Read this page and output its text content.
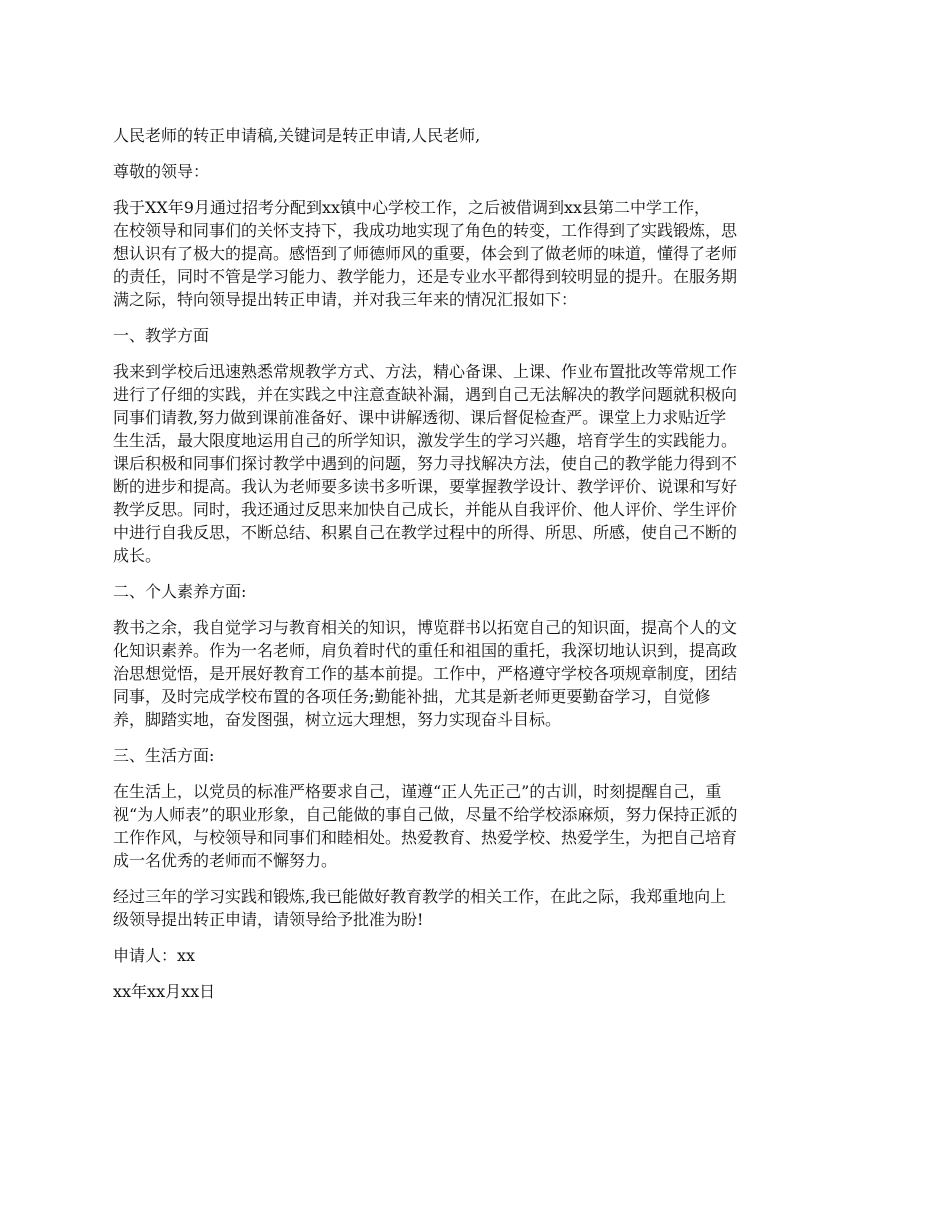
人民老师的转正申请稿,关键词是转正申请,人民老师,

尊敬的领导：

我于XX年9月通过招考分配到xx镇中心学校工作，之后被借调到xx县第二中学工作，
在校领导和同事们的关怀支持下，我成功地实现了角色的转变，工作得到了实践锻炼，思
想认识有了极大的提高。感悟到了师德师风的重要，体会到了做老师的味道，懂得了老师
的责任，同时不管是学习能力、教学能力，还是专业水平都得到较明显的提升。在服务期
满之际，特向领导提出转正申请，并对我三年来的情况汇报如下：

一、教学方面

我来到学校后迅速熟悉常规教学方式、方法，精心备课、上课、作业布置批改等常规工作
进行了仔细的实践，并在实践之中注意查缺补漏，遇到自己无法解决的教学问题就积极向
同事们请教,努力做到课前准备好、课中讲解透彻、课后督促检查严。课堂上力求贴近学
生生活，最大限度地运用自己的所学知识，激发学生的学习兴趣，培育学生的实践能力。
课后积极和同事们探讨教学中遇到的问题，努力寻找解决方法，使自己的教学能力得到不
断的进步和提高。我认为老师要多读书多听课，要掌握教学设计、教学评价、说课和写好
教学反思。同时，我还通过反思来加快自己成长，并能从自我评价、他人评价、学生评价
中进行自我反思，不断总结、积累自己在教学过程中的所得、所思、所感，使自己不断的
成长。

二、个人素养方面:

教书之余，我自觉学习与教育相关的知识，博览群书以拓宽自己的知识面，提高个人的文
化知识素养。作为一名老师，肩负着时代的重任和祖国的重托，我深切地认识到，提高政
治思想觉悟，是开展好教育工作的基本前提。工作中，严格遵守学校各项规章制度，团结
同事，及时完成学校布置的各项任务;勤能补拙，尤其是新老师更要勤奋学习，自觉修
养，脚踏实地，奋发图强，树立远大理想，努力实现奋斗目标。

三、生活方面:

在生活上，以党员的标准严格要求自己，谨遵“正人先正己”的古训，时刻提醒自己，重
视“为人师表”的职业形象，自己能做的事自己做，尽量不给学校添麻烦，努力保持正派的
工作作风，与校领导和同事们和睦相处。热爱教育、热爱学校、热爱学生，为把自己培育
成一名优秀的老师而不懈努力。

经过三年的学习实践和锻炼,我已能做好教育教学的相关工作，在此之际，我郑重地向上
级领导提出转正申请，请领导给予批准为盼!

申请人：xx

xx年xx月xx日
